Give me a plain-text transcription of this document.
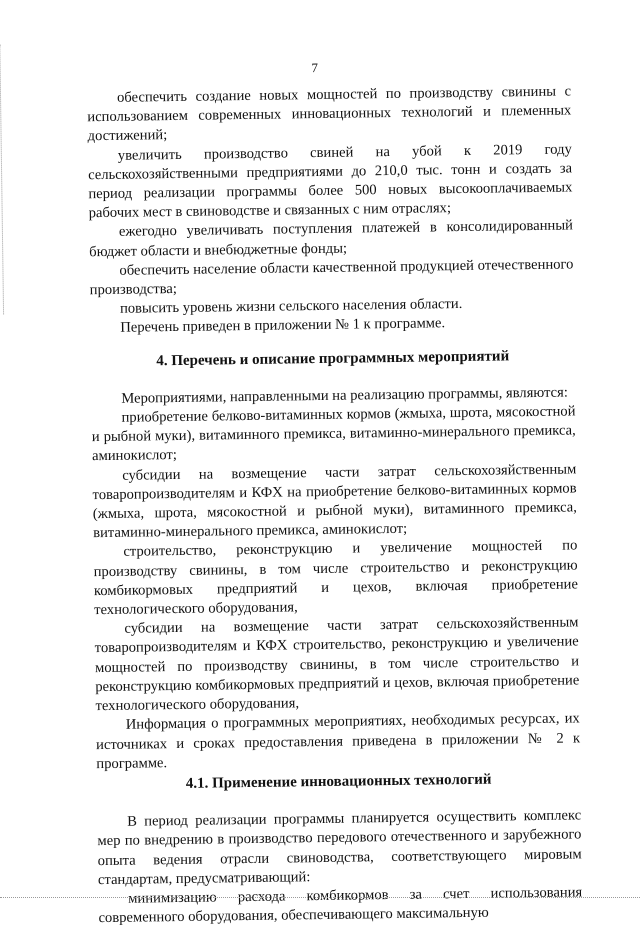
7

обеспечить создание новых мощностей по производству свинины с использованием современных инновационных технологий и племенных достижений;

увеличить производство свиней на убой к 2019 году сельскохозяйственными предприятиями до 210,0 тыс. тонн и создать за период реализации программы более 500 новых высокооплачиваемых рабочих мест в свиноводстве и связанных с ним отраслях;

ежегодно увеличивать поступления платежей в консолидированный бюджет области и внебюджетные фонды;

обеспечить население области качественной продукцией отечественного производства;

повысить уровень жизни сельского населения области.

Перечень приведен в приложении № 1 к программе.

4. Перечень и описание программных мероприятий

Мероприятиями, направленными на реализацию программы, являются:

приобретение белково-витаминных кормов (жмыха, шрота, мясокостной и рыбной муки), витаминного премикса, витаминно-минерального премикса, аминокислот;

субсидии на возмещение части затрат сельскохозяйственным товаропроизводителям и КФХ на приобретение белково-витаминных кормов (жмыха, шрота, мясокостной и рыбной муки), витаминного премикса, витаминно-минерального премикса, аминокислот;

строительство, реконструкцию и увеличение мощностей по производству свинины, в том числе строительство и реконструкцию комбикормовых предприятий и цехов, включая приобретение технологического оборудования,

субсидии на возмещение части затрат сельскохозяйственным товаропроизводителям и КФХ строительство, реконструкцию и увеличение мощностей по производству свинины, в том числе строительство и реконструкцию комбикормовых предприятий и цехов, включая приобретение технологического оборудования,

Информация о программных мероприятиях, необходимых ресурсах, их источниках и сроках предоставления приведена в приложении № 2 к программе.

4.1. Применение инновационных технологий

В период реализации программы планируется осуществить комплекс мер по внедрению в производство передового отечественного и зарубежного опыта ведения отрасли свиноводства, соответствующего мировым стандартам, предусматривающий:

минимизацию расхода комбикормов за счет использования современного оборудования, обеспечивающего максимальную
